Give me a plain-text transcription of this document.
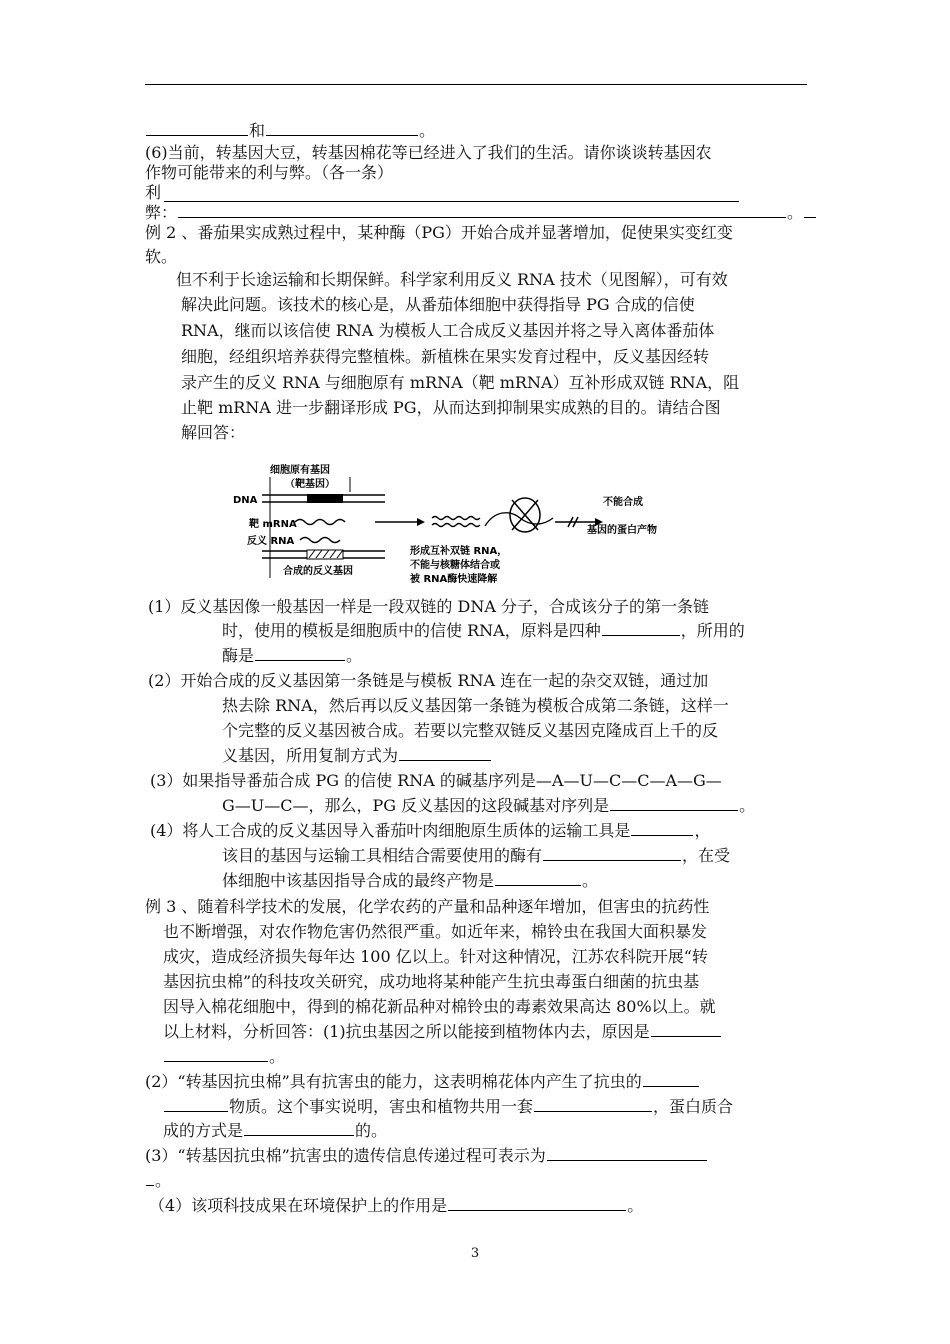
和	。
(6)当前，转基因大豆，转基因棉花等已经进入了我们的生活。请你谈谈转基因农
作物可能带来的利与弊。（各一条）
利
弊：	。
例 2 、番茄果实成熟过程中，某种酶（PG）开始合成并显著增加，促使果实变红变
软。
但不利于长途运输和长期保鲜。科学家利用反义 RNA 技术（见图解），可有效
解决此问题。该技术的核心是，从番茄体细胞中获得指导 PG 合成的信使
RNA，继而以该信使 RNA 为模板人工合成反义基因并将之导入离体番茄体
细胞，经组织培养获得完整植株。新植株在果实发育过程中，反义基因经转
录产生的反义 RNA 与细胞原有 mRNA（靶 mRNA）互补形成双链 RNA，阻
止靶 mRNA 进一步翻译形成 PG，从而达到抑制果实成熟的目的。请结合图
解回答：
细胞原有基因
（靶基因）
DNA
靶 mRNA
反义 RNA
合成的反义基因
不能合成
基因的蛋白产物
形成互补双链 RNA，
不能与核糖体结合或
被 RNA酶快速降解
(1）反义基因像一般基因一样是一段双链的 DNA 分子，合成该分子的第一条链
时，使用的模板是细胞质中的信使 RNA，原料是四种	，所用的
酶是	。
(2）开始合成的反义基因第一条链是与模板 RNA 连在一起的杂交双链，通过加
热去除 RNA，然后再以反义基因第一条链为模板合成第二条链，这样一
个完整的反义基因被合成。若要以完整双链反义基因克隆成百上千的反
义基因，所用复制方式为
(3）如果指导番茄合成 PG 的信使 RNA 的碱基序列是—A—U—C—C—A—G—
G—U—C—，那么，PG 反义基因的这段碱基对序列是	。
(4）将人工合成的反义基因导入番茄叶肉细胞原生质体的运输工具是	，
该目的基因与运输工具相结合需要使用的酶有	，在受
体细胞中该基因指导合成的最终产物是	。
例 3 、随着科学技术的发展，化学农药的产量和品种逐年增加，但害虫的抗药性
也不断增强，对农作物危害仍然很严重。如近年来，棉铃虫在我国大面积暴发
成灾，造成经济损失每年达 100 亿以上。针对这种情况，江苏农科院开展“转
基因抗虫棉”的科技攻关研究，成功地将某种能产生抗虫毒蛋白细菌的抗虫基
因导入棉花细胞中，得到的棉花新品种对棉铃虫的毒素效果高达 80%以上。就
以上材料，分析回答：(1)抗虫基因之所以能接到植物体内去，原因是
。
(2）“转基因抗虫棉”具有抗害虫的能力，这表明棉花体内产生了抗虫的
物质。这个事实说明，害虫和植物共用一套	，蛋白质合
成的方式是	的。
(3）“转基因抗虫棉”抗害虫的遗传信息传递过程可表示为
。
（4）该项科技成果在环境保护上的作用是	。
3
